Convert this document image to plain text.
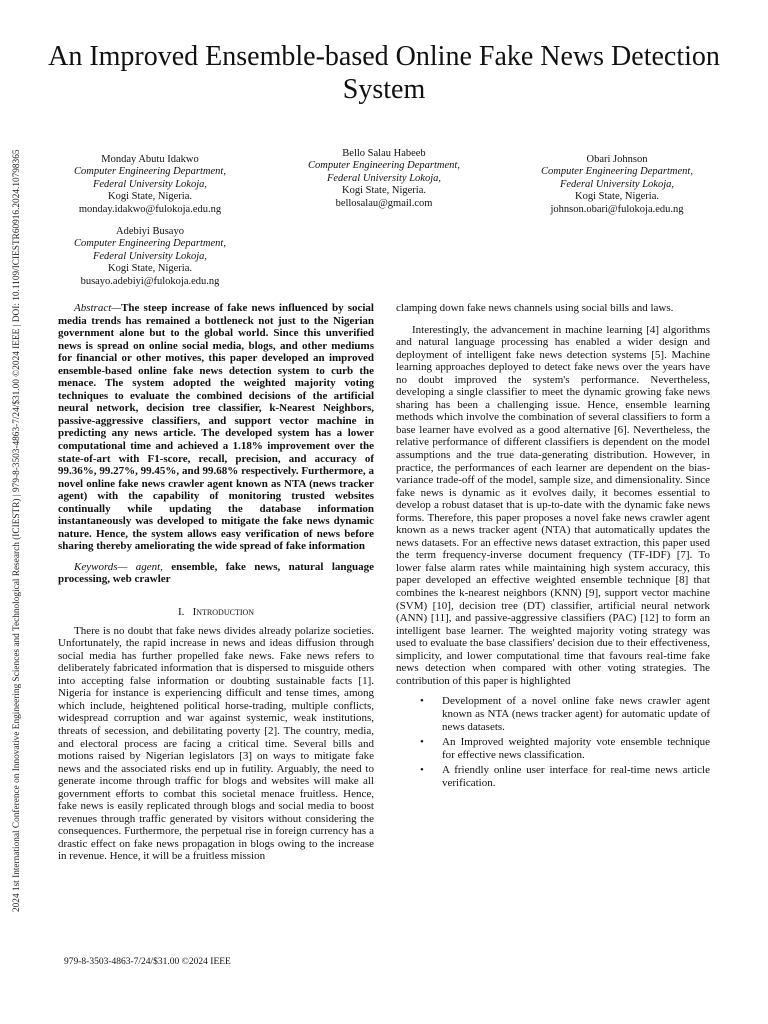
2024 1st International Conference on Innovative Engineering Sciences and Technological Research (ICIESTR) | 979-8-3503-4863-7/24/$31.00 ©2024 IEEE | DOI: 10.1109/ICIESTR60916.2024.10798365
An Improved Ensemble-based Online Fake News Detection System
Monday Abutu Idakwo
Computer Engineering Department,
Federal University Lokoja,
Kogi State, Nigeria.
monday.idakwo@fulokoja.edu.ng
Bello Salau Habeeb
Computer Engineering Department,
Federal University Lokoja,
Kogi State, Nigeria.
bellosalau@gmail.com
Obari Johnson
Computer Engineering Department,
Federal University Lokoja,
Kogi State, Nigeria.
johnson.obari@fulokoja.edu.ng
Adebiyi Busayo
Computer Engineering Department,
Federal University Lokoja,
Kogi State, Nigeria.
busayo.adebiyi@fulokoja.edu.ng

Abstract—The steep increase of fake news influenced by social media trends has remained a bottleneck not just to the Nigerian government alone but to the global world. Since this unverified news is spread on online social media, blogs, and other mediums for financial or other motives, this paper developed an improved ensemble-based online fake news detection system to curb the menace. The system adopted the weighted majority voting techniques to evaluate the combined decisions of the artificial neural network, decision tree classifier, k-Nearest Neighbors, passive-aggressive classifiers, and support vector machine in predicting any news article. The developed system has a lower computational time and achieved a 1.18% improvement over the state-of-art with F1-score, recall, precision, and accuracy of 99.36%, 99.27%, 99.45%, and 99.68% respectively. Furthermore, a novel online fake news crawler agent known as NTA (news tracker agent) with the capability of monitoring trusted websites continually while updating the database information instantaneously was developed to mitigate the fake news dynamic nature. Hence, the system allows easy verification of news before sharing thereby ameliorating the wide spread of fake information

Keywords— agent, ensemble, fake news, natural language processing, web crawler

I. Introduction

There is no doubt that fake news divides already polarize societies. Unfortunately, the rapid increase in news and ideas diffusion through social media has further propelled fake news. Fake news refers to deliberately fabricated information that is dispersed to misguide others into accepting false information or doubting sustainable facts [1]. Nigeria for instance is experiencing difficult and tense times, among which include, heightened political horse-trading, multiple conflicts, widespread corruption and war against systemic, weak institutions, threats of secession, and debilitating poverty [2]. The country, media, and electoral process are facing a critical time. Several bills and motions raised by Nigerian legislators [3] on ways to mitigate fake news and the associated risks end up in futility. Arguably, the need to generate income through traffic for blogs and websites will make all government efforts to combat this societal menace fruitless. Hence, fake news is easily replicated through blogs and social media to boost revenues through traffic generated by visitors without considering the consequences. Furthermore, the perpetual rise in foreign currency has a drastic effect on fake news propagation in blogs owing to the increase in revenue. Hence, it will be a fruitless mission

clamping down fake news channels using social bills and laws.

Interestingly, the advancement in machine learning [4] algorithms and natural language processing has enabled a wider design and deployment of intelligent fake news detection systems [5]. Machine learning approaches deployed to detect fake news over the years have no doubt improved the system's performance. Nevertheless, developing a single classifier to meet the dynamic growing fake news sharing has been a challenging issue. Hence, ensemble learning methods which involve the combination of several classifiers to form a base learner have evolved as a good alternative [6]. Nevertheless, the relative performance of different classifiers is dependent on the model assumptions and the true data-generating distribution. However, in practice, the performances of each learner are dependent on the bias-variance trade-off of the model, sample size, and dimensionality. Since fake news is dynamic as it evolves daily, it becomes essential to develop a robust dataset that is up-to-date with the dynamic fake news forms. Therefore, this paper proposes a novel fake news crawler agent known as a news tracker agent (NTA) that automatically updates the news datasets. For an effective news dataset extraction, this paper used the term frequency-inverse document frequency (TF-IDF) [7]. To lower false alarm rates while maintaining high system accuracy, this paper developed an effective weighted ensemble technique [8] that combines the k-nearest neighbors (KNN) [9], support vector machine (SVM) [10], decision tree (DT) classifier, artificial neural network (ANN) [11], and passive-aggressive classifiers (PAC) [12] to form an intelligent base learner. The weighted majority voting strategy was used to evaluate the base classifiers' decision due to their effectiveness, simplicity, and lower computational time that favours real-time fake news detection when compared with other voting strategies. The contribution of this paper is highlighted

• Development of a novel online fake news crawler agent known as NTA (news tracker agent) for automatic update of news datasets.
• An Improved weighted majority vote ensemble technique for effective news classification.
• A friendly online user interface for real-time news article verification.
979-8-3503-4863-7/24/$31.00 ©2024 IEEE
